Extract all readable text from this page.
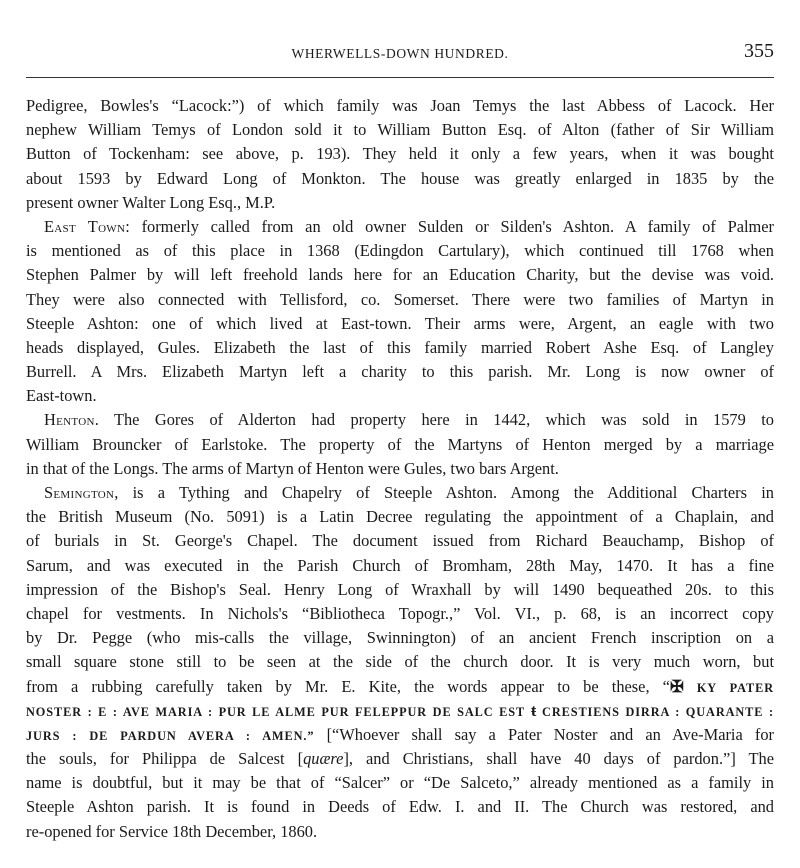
WHERWELLS-DOWN HUNDRED.	355
Pedigree, Bowles's “Lacock:”) of which family was Joan Temys the last Abbess of Lacock. Her
nephew William Temys of London sold it to William Button Esq. of Alton (father of Sir William
Button of Tockenham: see above, p. 193). They held it only a few years, when it was bought
about 1593 by Edward Long of Monkton. The house was greatly enlarged in 1835 by the
present owner Walter Long Esq., M.P.
East Town: formerly called from an old owner Sulden or Silden's Ashton. A family of Palmer
is mentioned as of this place in 1368 (Edingdon Cartulary), which continued till 1768 when
Stephen Palmer by will left freehold lands here for an Education Charity, but the devise was void.
They were also connected with Tellisford, co. Somerset. There were two families of Martyn in
Steeple Ashton: one of which lived at East-town. Their arms were, Argent, an eagle with two
heads displayed, Gules. Elizabeth the last of this family married Robert Ashe Esq. of Langley
Burrell. A Mrs. Elizabeth Martyn left a charity to this parish. Mr. Long is now owner of
East-town.
Henton. The Gores of Alderton had property here in 1442, which was sold in 1579 to
William Brouncker of Earlstoke. The property of the Martyns of Henton merged by a marriage
in that of the Longs. The arms of Martyn of Henton were Gules, two bars Argent.
Semington, is a Tything and Chapelry of Steeple Ashton. Among the Additional Charters in
the British Museum (No. 5091) is a Latin Decree regulating the appointment of a Chaplain, and
of burials in St. George's Chapel. The document issued from Richard Beauchamp, Bishop of
Sarum, and was executed in the Parish Church of Bromham, 28th May, 1470. It has a fine
impression of the Bishop's Seal. Henry Long of Wraxhall by will 1490 bequeathed 20s. to this
chapel for vestments. In Nichols's “Bibliotheca Topogr.,” Vol. VI., p. 68, is an incorrect copy
by Dr. Pegge (who mis-calls the village, Swinnington) of an ancient French inscription on a
small square stone still to be seen at the side of the church door. It is very much worn, but
from a rubbing carefully taken by Mr. E. Kite, the words appear to be these, “✠ KY PATER
NOSTER : E : AVE MARIA : PUR LE ALME PUR FELEPPUR DE SALC EST ŧ CRESTIENS DIRRA : QUARANTE :
JURS : DE PARDUN AVERA : AMEN.” [“Whoever shall say a Pater Noster and an Ave-Maria for
the souls, for Philippa de Salcest [quære], and Christians, shall have 40 days of pardon.”] The
name is doubtful, but it may be that of “Salcer” or “De Salceto,” already mentioned as a family in
Steeple Ashton parish. It is found in Deeds of Edw. I. and II. The Church was restored, and
re-opened for Service 18th December, 1860.
